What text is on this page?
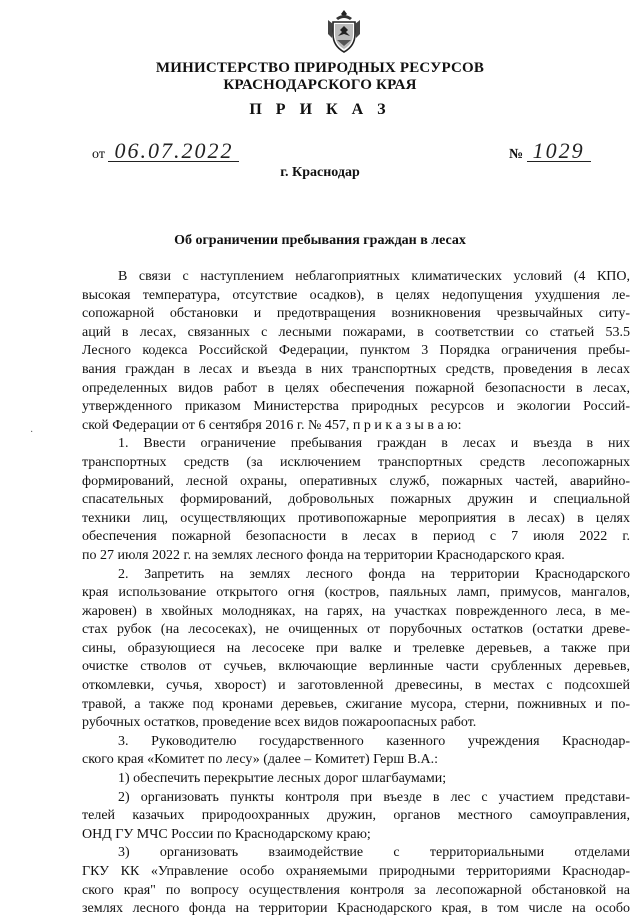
МИНИСТЕРСТВО ПРИРОДНЫХ РЕСУРСОВ
КРАСНОДАРСКОГО КРАЯ
П Р И К А З
от 06.07.2022	№ 1029
г. Краснодар
Об ограничении пребывания граждан в лесах
·
В связи с наступлением неблагоприятных климатических условий (4 КПО,
высокая температура, отсутствие осадков), в целях недопущения ухудшения ле-
сопожарной обстановки и предотвращения возникновения чрезвычайных ситу-
аций в лесах, связанных с лесными пожарами, в соответствии со статьей 53.5
Лесного кодекса Российской Федерации, пунктом 3 Порядка ограничения пребы-
вания граждан в лесах и въезда в них транспортных средств, проведения в лесах
определенных видов работ в целях обеспечения пожарной безопасности в лесах,
утвержденного приказом Министерства природных ресурсов и экологии Россий-
ской Федерации от 6 сентября 2016 г. № 457, п р и к а з ы в а ю:
1. Ввести ограничение пребывания граждан в лесах и въезда в них
транспортных средств (за исключением транспортных средств лесопожарных
формирований, лесной охраны, оперативных служб, пожарных частей, аварийно-
спасательных формирований, добровольных пожарных дружин и специальной
техники лиц, осуществляющих противопожарные мероприятия в лесах) в целях
обеспечения пожарной безопасности в лесах в период с 7 июля 2022 г.
по 27 июля 2022 г. на землях лесного фонда на территории Краснодарского края.
2. Запретить на землях лесного фонда на территории Краснодарского
края использование открытого огня (костров, паяльных ламп, примусов, мангалов,
жаровен) в хвойных молодняках, на гарях, на участках поврежденного леса, в ме-
стах рубок (на лесосеках), не очищенных от порубочных остатков (остатки древе-
сины, образующиеся на лесосеке при валке и трелевке деревьев, а также при
очистке стволов от сучьев, включающие верлинные части срубленных деревьев,
откомлевки, сучья, хворост) и заготовленной древесины, в местах с подсохшей
травой, а также под кронами деревьев, сжигание мусора, стерни, пожнивных и по-
рубочных остатков, проведение всех видов пожароопасных работ.
3. Руководителю государственного казенного учреждения Краснодар-
ского края «Комитет по лесу» (далее – Комитет) Герш В.А.:
1) обеспечить перекрытие лесных дорог шлагбаумами;
2) организовать пункты контроля при въезде в лес с участием представи-
телей казачьих природоохранных дружин, органов местного самоуправления,
ОНД ГУ МЧС России по Краснодарскому краю;
3) организовать взаимодействие с территориальными отделами
ГКУ КК «Управление особо охраняемыми природными территориями Краснодар-
ского края" по вопросу осуществления контроля за лесопожарной обстановкой на
землях лесного фонда на территории Краснодарского края, в том числе на особо
